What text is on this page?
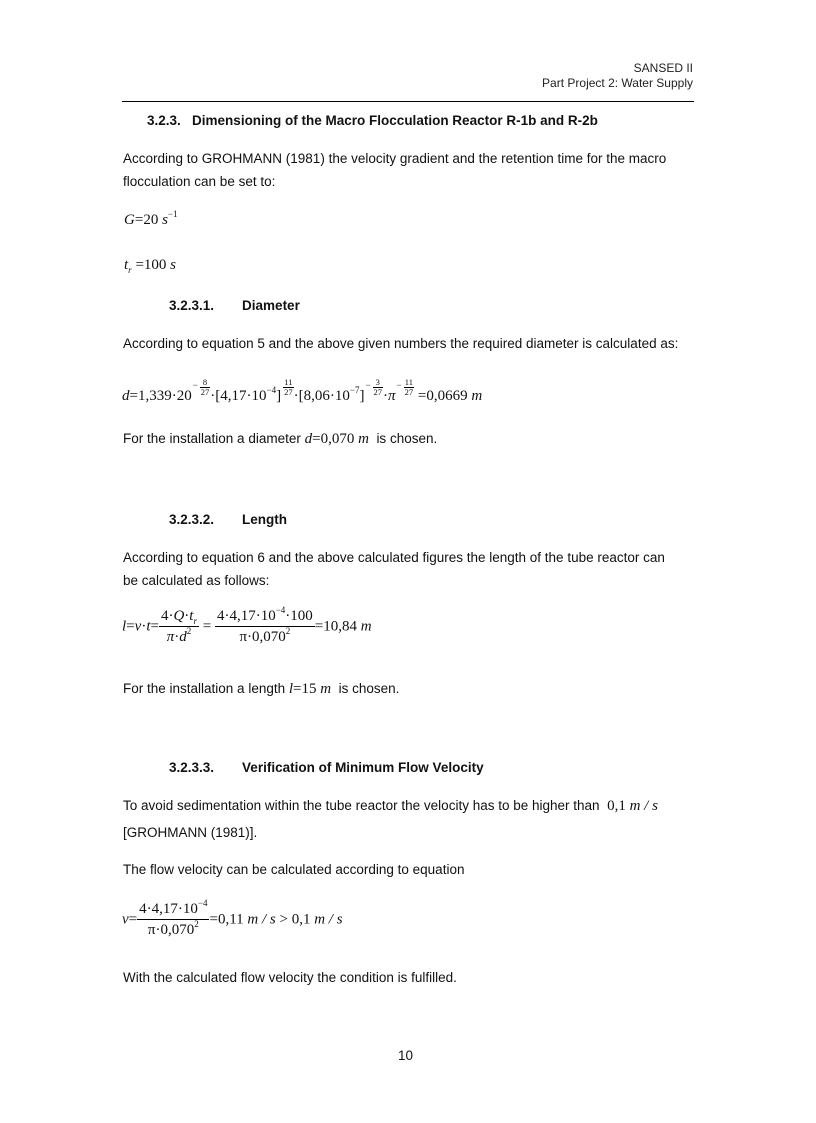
SANSED II
Part Project 2: Water Supply
3.2.3. Dimensioning of the Macro Flocculation Reactor R-1b and R-2b
According to GROHMANN (1981) the velocity gradient and the retention time for the macro
flocculation can be set to:
G=20 $s^{-1}$
$t_r =100$ s
3.2.3.1. Diameter
According to equation 5 and the above given numbers the required diameter is calculated as:
$d=1,339\cdot 20^- \frac{8}{27} \cdot[4,17\cdot 10^{-4}] \frac{11}{27} \cdot[8,06\cdot 10^{-7}]^- \frac{3}{27} \cdot\pi^- \frac{11}{27} =0,0669$ m
For the installation a diameter d=0,070 m is chosen.
3.2.3.2. Length
According to equation 6 and the above calculated figures the length of the tube reactor can
be calculated as follows:
$l=v\cdot t= \frac{4\cdot Q\cdot t_r}{\pi\cdot d^2} = \frac{4\cdot 4,17\cdot 10^{-4}\cdot 100}{\pi\cdot 0,070^2} =10,84$ m
For the installation a length l=15 m is chosen.
3.2.3.3. Verification of Minimum Flow Velocity
To avoid sedimentation within the tube reactor the velocity has to be higher than 0,1 m / s
[GROHMANN (1981)].
The flow velocity can be calculated according to equation
$v= \frac{4\cdot 4,17\cdot 10^{-4}}{\pi\cdot 0,070^2} =0,11$ m / s > 0,1 m / s
With the calculated flow velocity the condition is fulfilled.
10
